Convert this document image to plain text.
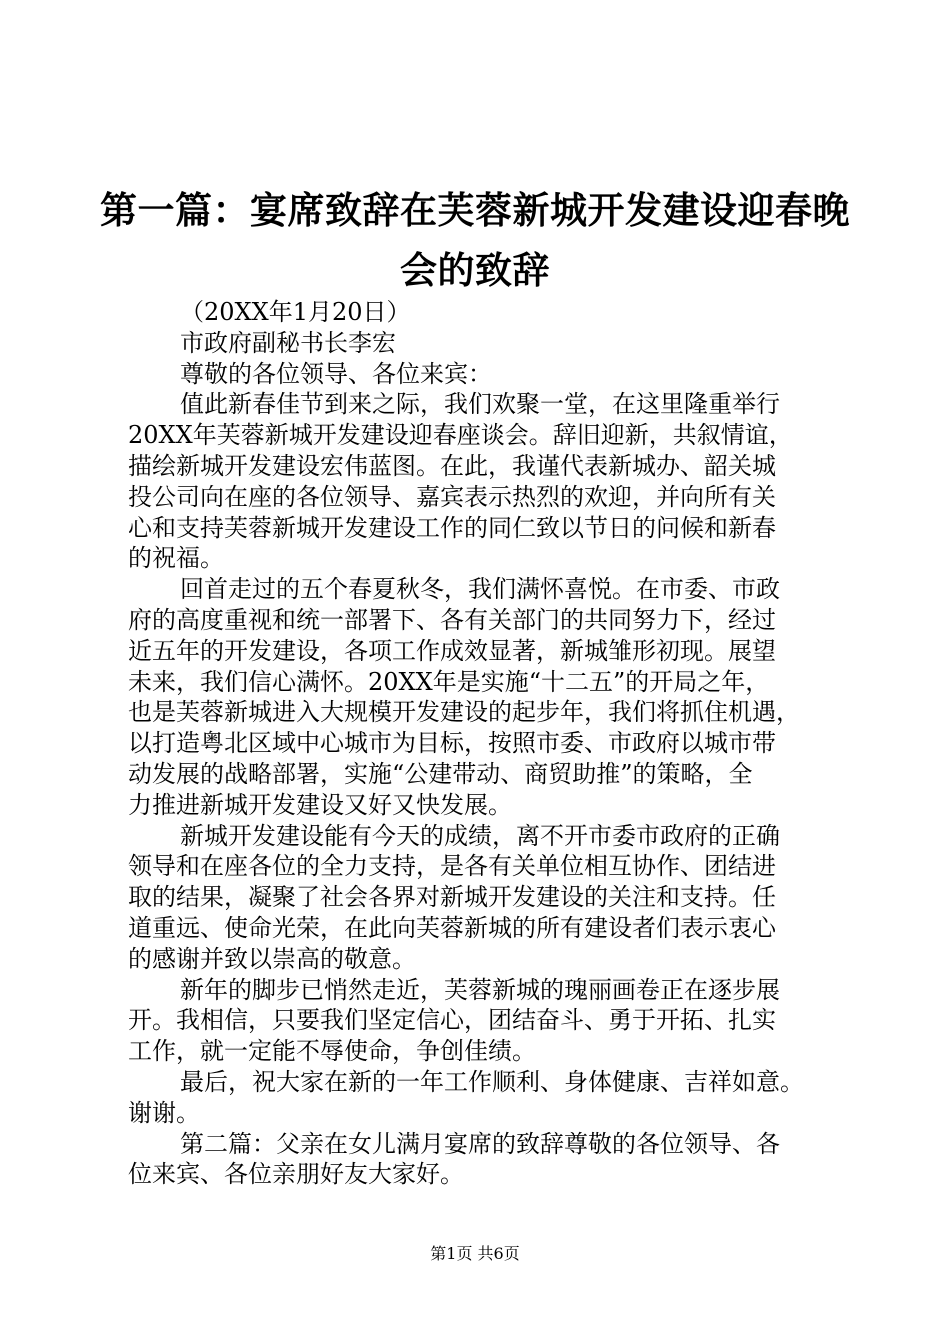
第一篇：宴席致辞在芙蓉新城开发建设迎春晚
会的致辞
（20XX年1月20日）
市政府副秘书长李宏
尊敬的各位领导、各位来宾：
值此新春佳节到来之际，我们欢聚一堂，在这里隆重举行
20XX年芙蓉新城开发建设迎春座谈会。辞旧迎新，共叙情谊，
描绘新城开发建设宏伟蓝图。在此，我谨代表新城办、韶关城
投公司向在座的各位领导、嘉宾表示热烈的欢迎，并向所有关
心和支持芙蓉新城开发建设工作的同仁致以节日的问候和新春
的祝福。
回首走过的五个春夏秋冬，我们满怀喜悦。在市委、市政
府的高度重视和统一部署下、各有关部门的共同努力下，经过
近五年的开发建设，各项工作成效显著，新城雏形初现。展望
未来，我们信心满怀。20XX年是实施“十二五”的开局之年，
也是芙蓉新城进入大规模开发建设的起步年，我们将抓住机遇，
以打造粤北区域中心城市为目标，按照市委、市政府以城市带
动发展的战略部署，实施“公建带动、商贸助推”的策略，全
力推进新城开发建设又好又快发展。
新城开发建设能有今天的成绩，离不开市委市政府的正确
领导和在座各位的全力支持，是各有关单位相互协作、团结进
取的结果，凝聚了社会各界对新城开发建设的关注和支持。任
道重远、使命光荣，在此向芙蓉新城的所有建设者们表示衷心
的感谢并致以崇高的敬意。
新年的脚步已悄然走近，芙蓉新城的瑰丽画卷正在逐步展
开。我相信，只要我们坚定信心，团结奋斗、勇于开拓、扎实
工作，就一定能不辱使命，争创佳绩。
最后，祝大家在新的一年工作顺利、身体健康、吉祥如意。
谢谢。
第二篇：父亲在女儿满月宴席的致辞尊敬的各位领导、各
位来宾、各位亲朋好友大家好。
第1页 共6页
